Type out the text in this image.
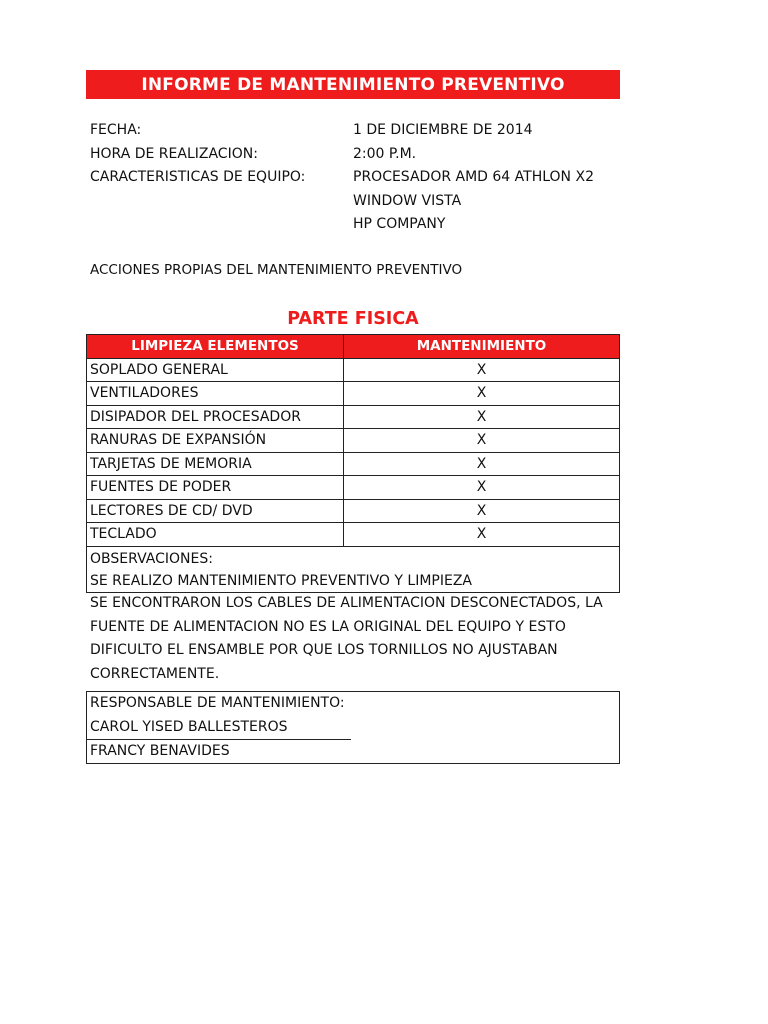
INFORME DE MANTENIMIENTO PREVENTIVO
FECHA:	1 DE DICIEMBRE DE 2014
HORA DE REALIZACION:	2:00 P.M.
CARACTERISTICAS DE EQUIPO:	PROCESADOR AMD 64 ATHLON X2
WINDOW VISTA
HP COMPANY
ACCIONES PROPIAS DEL MANTENIMIENTO PREVENTIVO
PARTE FISICA
LIMPIEZA ELEMENTOS	MANTENIMIENTO
SOPLADO GENERAL	X
VENTILADORES	X
DISIPADOR DEL PROCESADOR	X
RANURAS DE EXPANSIÓN	X
TARJETAS DE MEMORIA	X
FUENTES DE PODER	X
LECTORES DE CD/ DVD	X
TECLADO	X

OBSERVACIONES:
SE REALIZO MANTENIMIENTO PREVENTIVO Y LIMPIEZA	
SE ENCONTRARON LOS CABLES DE ALIMENTACION DESCONECTADOS, LA
FUENTE DE ALIMENTACION NO ES LA ORIGINAL DEL EQUIPO Y ESTO
DIFICULTO EL ENSAMBLE POR QUE LOS TORNILLOS NO AJUSTABAN
CORRECTAMENTE.
RESPONSABLE DE MANTENIMIENTO:
CAROL YISED BALLESTEROS
FRANCY BENAVIDES
